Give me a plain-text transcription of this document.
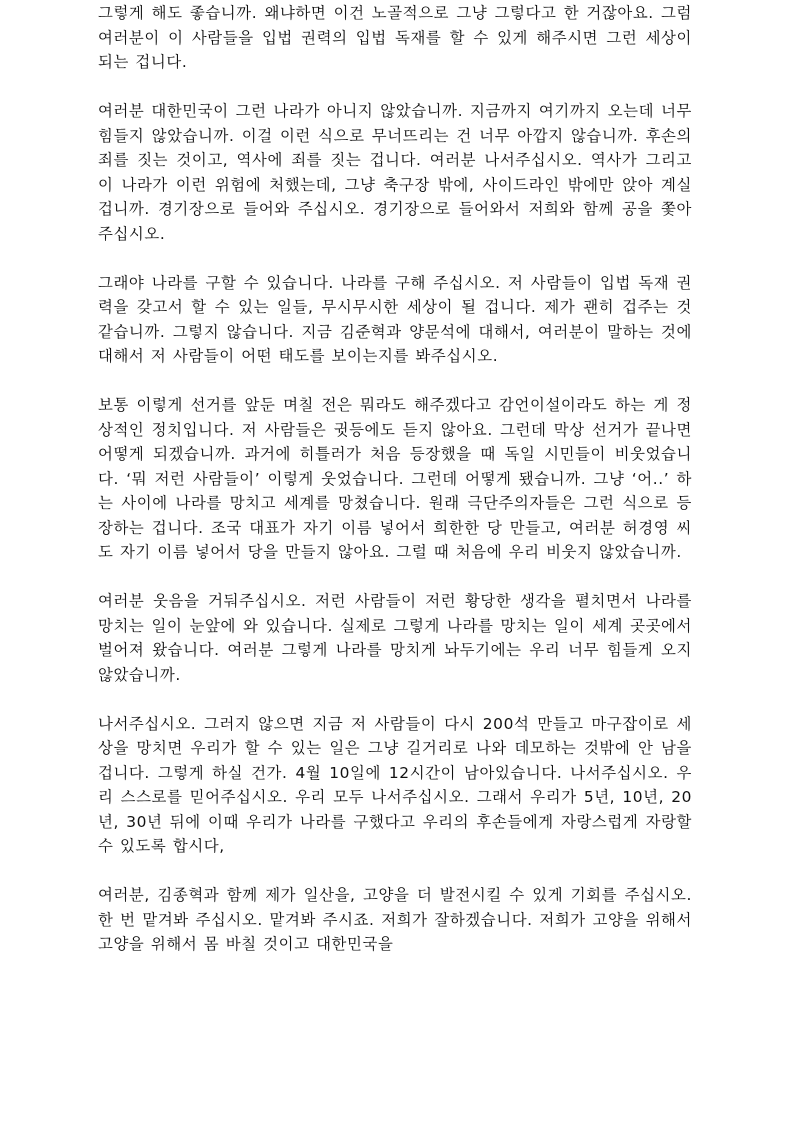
그렇게 해도 좋습니까. 왜냐하면 이건 노골적으로 그냥 그렇다고 한 거잖아요. 그럼 여러분이 이 사람들을 입법 권력의 입법 독재를 할 수 있게 해주시면 그런 세상이 되는 겁니다.

여러분 대한민국이 그런 나라가 아니지 않았습니까. 지금까지 여기까지 오는데 너무 힘들지 않았습니까. 이걸 이런 식으로 무너뜨리는 건 너무 아깝지 않습니까. 후손의 죄를 짓는 것이고, 역사에 죄를 짓는 겁니다. 여러분 나서주십시오. 역사가 그리고 이 나라가 이런 위험에 처했는데, 그냥 축구장 밖에, 사이드라인 밖에만 앉아 계실 겁니까. 경기장으로 들어와 주십시오. 경기장으로 들어와서 저희와 함께 공을 쫓아주십시오.

그래야 나라를 구할 수 있습니다. 나라를 구해 주십시오. 저 사람들이 입법 독재 권력을 갖고서 할 수 있는 일들, 무시무시한 세상이 될 겁니다. 제가 괜히 겁주는 것 같습니까. 그렇지 않습니다. 지금 김준혁과 양문석에 대해서, 여러분이 말하는 것에 대해서 저 사람들이 어떤 태도를 보이는지를 봐주십시오.

보통 이렇게 선거를 앞둔 며칠 전은 뭐라도 해주겠다고 감언이설이라도 하는 게 정상적인 정치입니다. 저 사람들은 귓등에도 듣지 않아요. 그런데 막상 선거가 끝나면 어떻게 되겠습니까. 과거에 히틀러가 처음 등장했을 때 독일 시민들이 비웃었습니다. ‘뭐 저런 사람들이’ 이렇게 웃었습니다. 그런데 어떻게 됐습니까. 그냥 ‘어..’ 하는 사이에 나라를 망치고 세계를 망쳤습니다. 원래 극단주의자들은 그런 식으로 등장하는 겁니다. 조국 대표가 자기 이름 넣어서 희한한 당 만들고, 여러분 허경영 씨도 자기 이름 넣어서 당을 만들지 않아요. 그럴 때 처음에 우리 비웃지 않았습니까.

여러분 웃음을 거둬주십시오. 저런 사람들이 저런 황당한 생각을 펼치면서 나라를 망치는 일이 눈앞에 와 있습니다. 실제로 그렇게 나라를 망치는 일이 세계 곳곳에서 벌어져 왔습니다. 여러분 그렇게 나라를 망치게 놔두기에는 우리 너무 힘들게 오지 않았습니까.

나서주십시오. 그러지 않으면 지금 저 사람들이 다시 200석 만들고 마구잡이로 세상을 망치면 우리가 할 수 있는 일은 그냥 길거리로 나와 데모하는 것밖에 안 남을 겁니다. 그렇게 하실 건가. 4월 10일에 12시간이 남아있습니다. 나서주십시오. 우리 스스로를 믿어주십시오. 우리 모두 나서주십시오. 그래서 우리가 5년, 10년, 20년, 30년 뒤에 이때 우리가 나라를 구했다고 우리의 후손들에게 자랑스럽게 자랑할 수 있도록 합시다,

여러분, 김종혁과 함께 제가 일산을, 고양을 더 발전시킬 수 있게 기회를 주십시오. 한 번 맡겨봐 주십시오. 맡겨봐 주시죠. 저희가 잘하겠습니다. 저희가 고양을 위해서 고양을 위해서 몸 바칠 것이고 대한민국을
